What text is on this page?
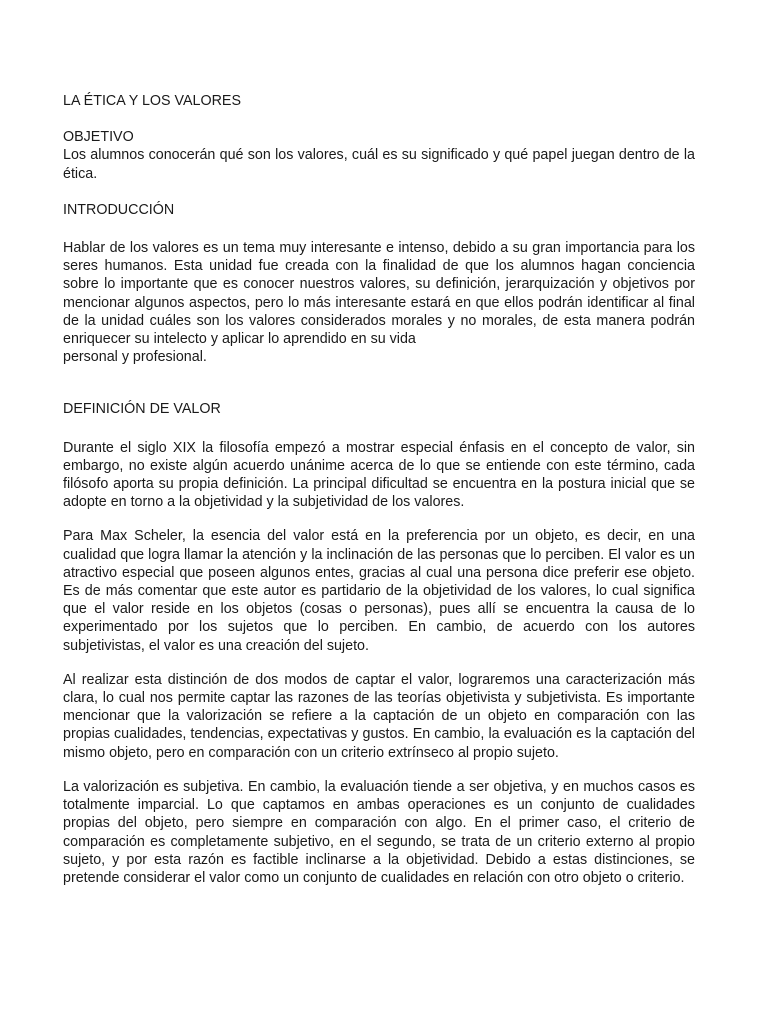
LA ÉTICA Y LOS VALORES

OBJETIVO

Los alumnos conocerán qué son los valores, cuál es su significado y qué papel juegan dentro de la ética.

INTRODUCCIÓN

Hablar de los valores es un tema muy interesante e intenso, debido a su gran importancia para los seres humanos. Esta unidad fue creada con la finalidad de que los alumnos hagan conciencia sobre lo importante que es conocer nuestros valores, su definición, jerarquización y objetivos por mencionar algunos aspectos, pero lo más interesante estará en que ellos podrán identificar al final de la unidad cuáles son los valores considerados morales y no morales, de esta manera podrán enriquecer su intelecto y aplicar lo aprendido en su vida

personal y profesional.

DEFINICIÓN DE VALOR

Durante el siglo XIX la filosofía empezó a mostrar especial énfasis en el concepto de valor, sin embargo, no existe algún acuerdo unánime acerca de lo que se entiende con este término, cada filósofo aporta su propia definición. La principal dificultad se encuentra en la postura inicial que se adopte en torno a la objetividad y la subjetividad de los valores.

Para Max Scheler, la esencia del valor está en la preferencia por un objeto, es decir, en una cualidad que logra llamar la atención y la inclinación de las personas que lo perciben. El valor es un atractivo especial que poseen algunos entes, gracias al cual una persona dice preferir ese objeto. Es de más comentar que este autor es partidario de la objetividad de los valores, lo cual significa que el valor reside en los objetos (cosas o personas), pues allí se encuentra la causa de lo experimentado por los sujetos que lo perciben. En cambio, de acuerdo con los autores subjetivistas, el valor es una creación del sujeto.

Al realizar esta distinción de dos modos de captar el valor, lograremos una caracterización más clara, lo cual nos permite captar las razones de las teorías objetivista y subjetivista. Es importante mencionar que la valorización se refiere a la captación de un objeto en comparación con las propias cualidades, tendencias, expectativas y gustos. En cambio, la evaluación es la captación del mismo objeto, pero en comparación con un criterio extrínseco al propio sujeto.

La valorización es subjetiva. En cambio, la evaluación tiende a ser objetiva, y en muchos casos es totalmente imparcial. Lo que captamos en ambas operaciones es un conjunto de cualidades propias del objeto, pero siempre en comparación con algo. En el primer caso, el criterio de comparación es completamente subjetivo, en el segundo, se trata de un criterio externo al propio sujeto, y por esta razón es factible inclinarse a la objetividad. Debido a estas distinciones, se pretende considerar el valor como un conjunto de cualidades en relación con otro objeto o criterio.
